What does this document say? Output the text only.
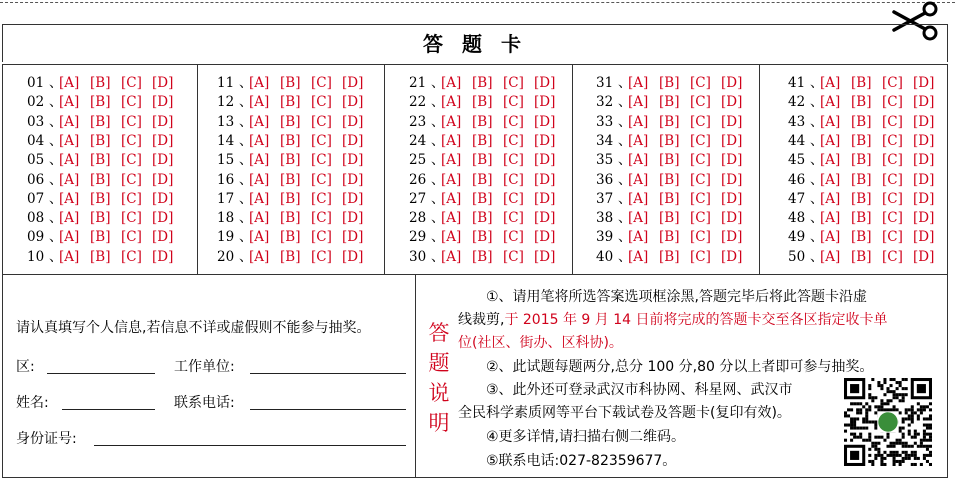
答 题 卡
01 、[A] [B] [C] [D]
02 、[A] [B] [C] [D]
03 、[A] [B] [C] [D]
04 、[A] [B] [C] [D]
05 、[A] [B] [C] [D]
06 、[A] [B] [C] [D]
07 、[A] [B] [C] [D]
08 、[A] [B] [C] [D]
09 、[A] [B] [C] [D]
10 、[A] [B] [C] [D]
11 、[A] [B] [C] [D]
12 、[A] [B] [C] [D]
13 、[A] [B] [C] [D]
14 、[A] [B] [C] [D]
15 、[A] [B] [C] [D]
16 、[A] [B] [C] [D]
17 、[A] [B] [C] [D]
18 、[A] [B] [C] [D]
19 、[A] [B] [C] [D]
20 、[A] [B] [C] [D]
21 、[A] [B] [C] [D]
22 、[A] [B] [C] [D]
23 、[A] [B] [C] [D]
24 、[A] [B] [C] [D]
25 、[A] [B] [C] [D]
26 、[A] [B] [C] [D]
27 、[A] [B] [C] [D]
28 、[A] [B] [C] [D]
29 、[A] [B] [C] [D]
30 、[A] [B] [C] [D]
31 、[A] [B] [C] [D]
32 、[A] [B] [C] [D]
33 、[A] [B] [C] [D]
34 、[A] [B] [C] [D]
35 、[A] [B] [C] [D]
36 、[A] [B] [C] [D]
37 、[A] [B] [C] [D]
38 、[A] [B] [C] [D]
39 、[A] [B] [C] [D]
40 、[A] [B] [C] [D]
41 、[A] [B] [C] [D]
42 、[A] [B] [C] [D]
43 、[A] [B] [C] [D]
44 、[A] [B] [C] [D]
45 、[A] [B] [C] [D]
46 、[A] [B] [C] [D]
47 、[A] [B] [C] [D]
48 、[A] [B] [C] [D]
49 、[A] [B] [C] [D]
50 、[A] [B] [C] [D]
请认真填写个人信息,若信息不详或虚假则不能参与抽奖。
区:	工作单位:
姓名:	联系电话:
身份证号:
答
题
说
明
①、请用笔将所选答案选项框涂黑,答题完毕后将此答题卡沿虚
线裁剪,于 2015 年 9 月 14 日前将完成的答题卡交至各区指定收卡单
位(社区、街办、区科协)。
②、此试题每题两分,总分 100 分,80 分以上者即可参与抽奖。
③、此外还可登录武汉市科协网、科星网、武汉市
全民科学素质网等平台下载试卷及答题卡(复印有效)。
④更多详情,请扫描右侧二维码。
⑤联系电话:027-82359677。
